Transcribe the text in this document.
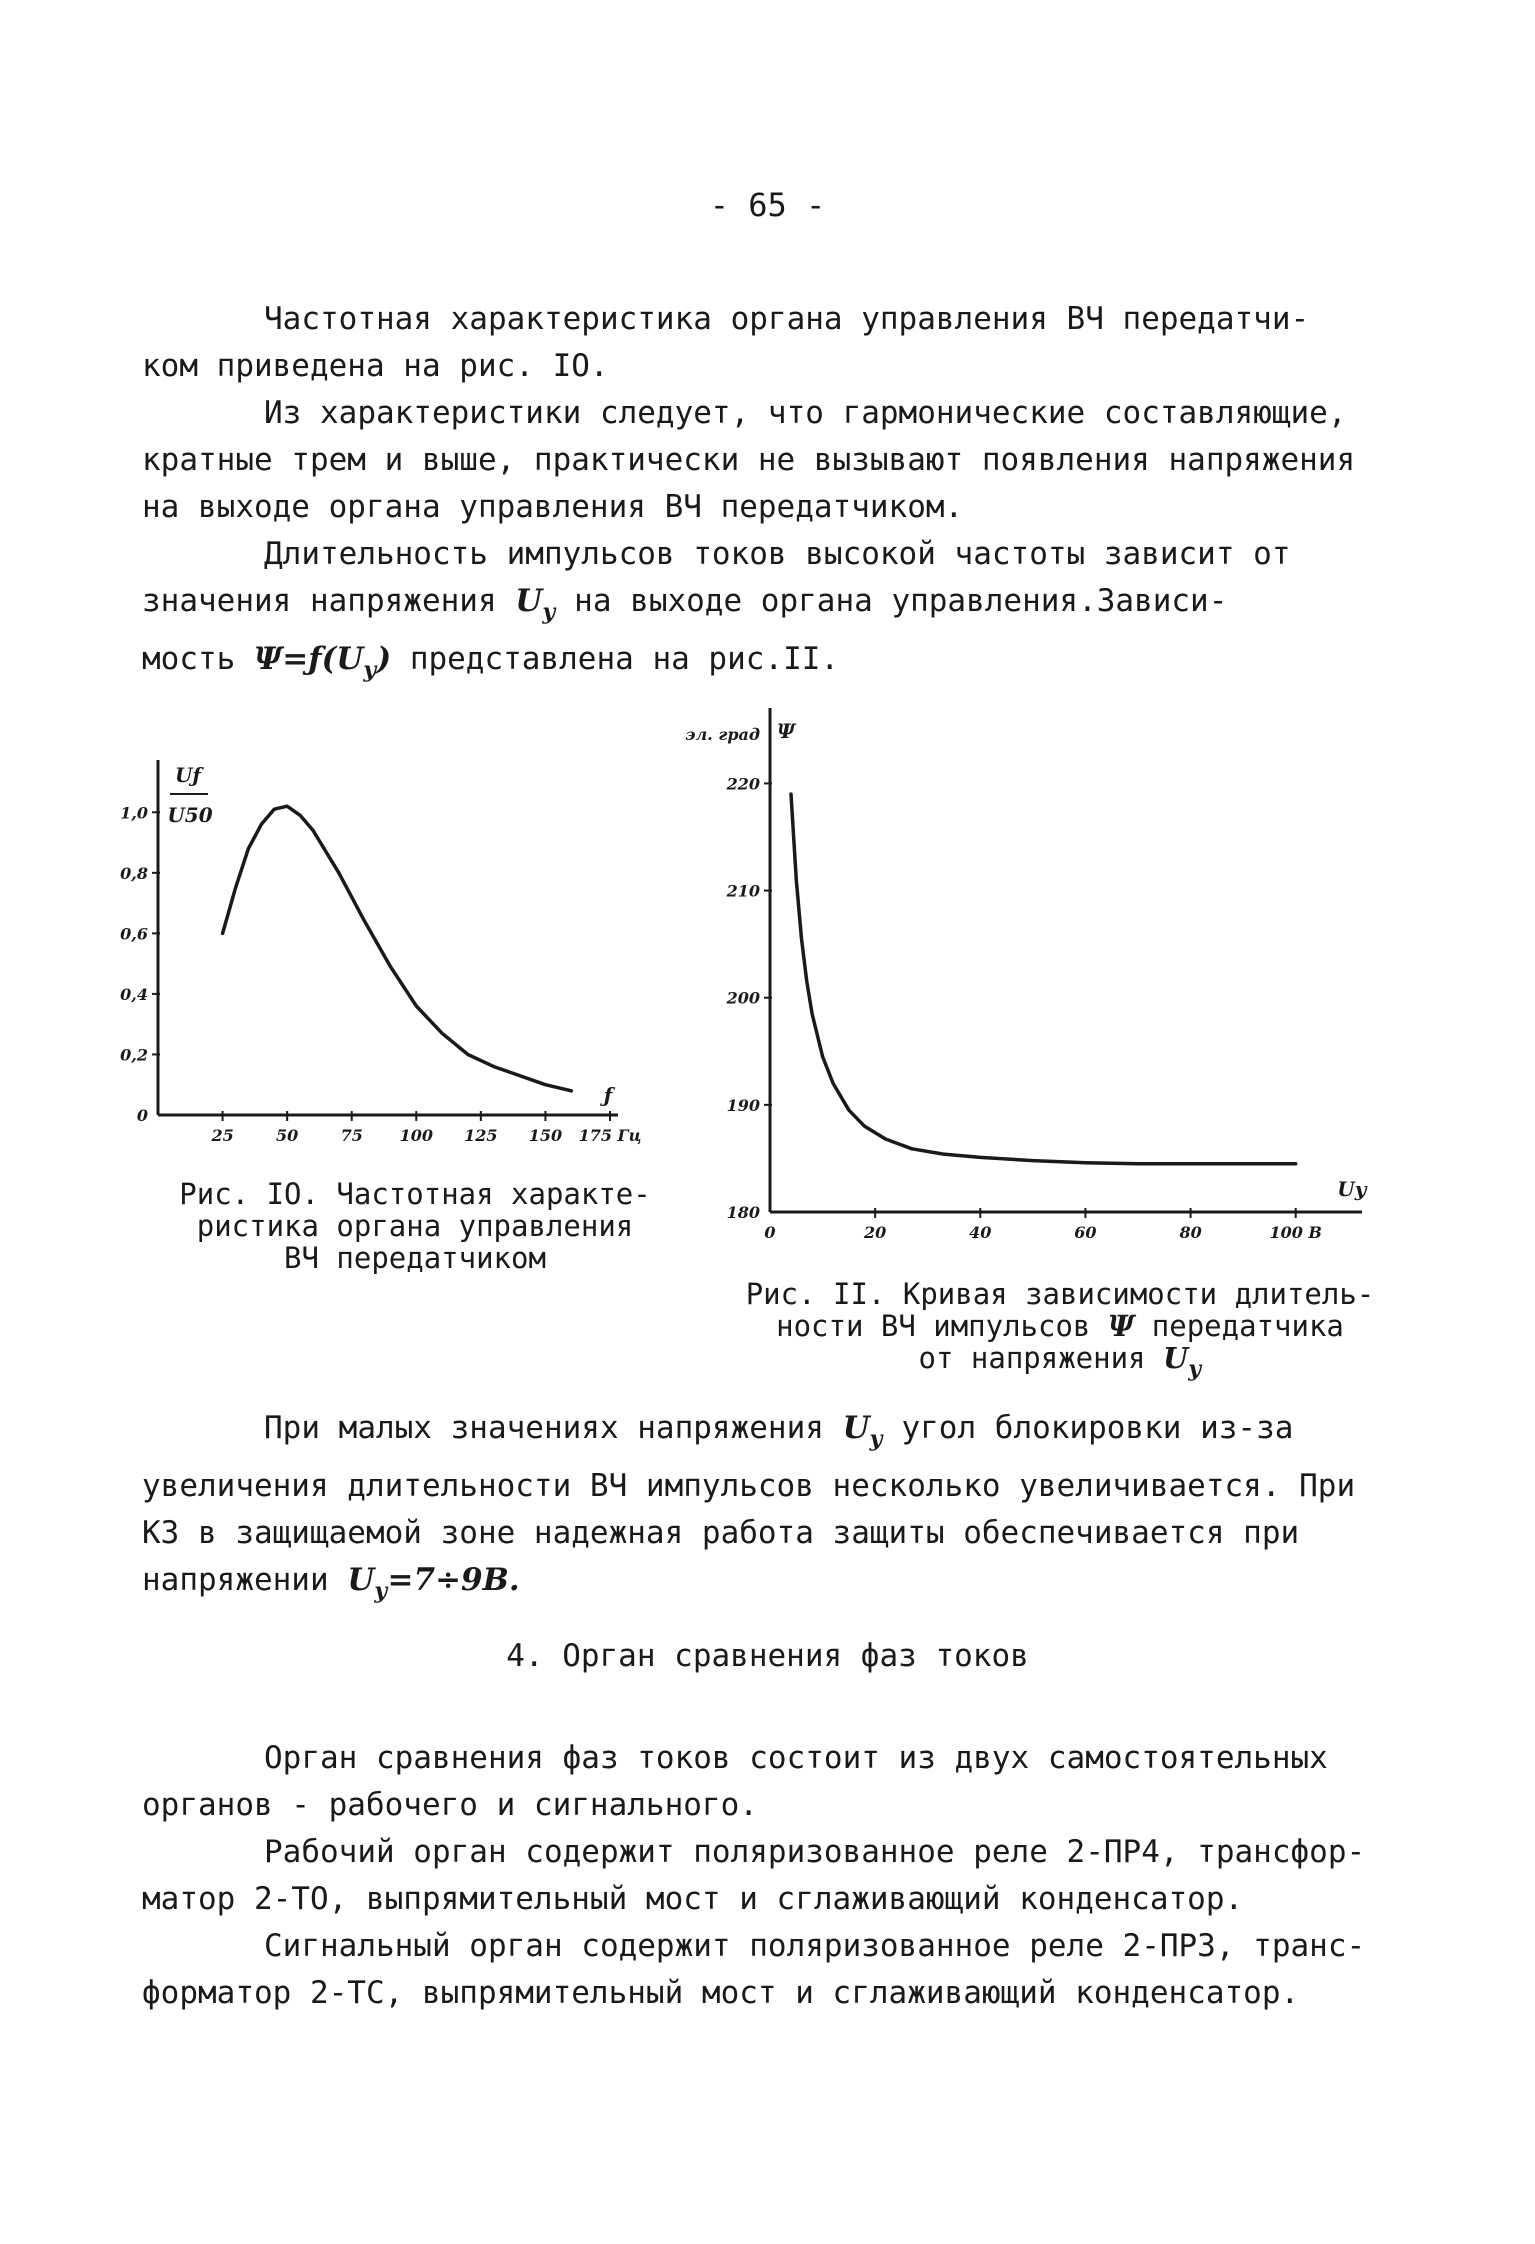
- 65 -

Частотная характеристика органа управления ВЧ передатчи-
ком приведена на рис. IO.

Из характеристики следует, что гармонические составляющие,
кратные трем и выше, практически не вызывают появления напряжения
на выходе органа управления ВЧ передатчиком.

Длительность импульсов токов высокой частоты зависит от
значения напряжения $U_у$ на выходе органа управления.Зависи-
мость $\Psi=ƒ(U_у)$ представлена на рис.II.

0
0,2
0,4
0,6
0,8
1,0
25	50	75 100 125 150 175 Гц
Uƒ
U50
ƒ

Рис. IO. Частотная характе-
ристика органа управления
ВЧ передатчиком

180
190
200
210
220
0	20	40	60	80	100 В
эл. град Ψ
Uу

Рис. II. Кривая зависимости длитель-
ности ВЧ импульсов Ψ передатчика
от напряжения $U_у$

При малых значениях напряжения $U_у$ угол блокировки из-за
увеличения длительности ВЧ импульсов несколько увеличивается. При
КЗ в защищаемой зоне надежная работа защиты обеспечивается при
напряжении $U_у=7\div 9В$.

4. Орган сравнения фаз токов

Орган сравнения фаз токов состоит из двух самостоятельных
органов - рабочего и сигнального.

Рабочий орган содержит поляризованное реле 2-ПР4, трансфор-
матор 2-ТО, выпрямительный мост и сглаживающий конденсатор.

Сигнальный орган содержит поляризованное реле 2-ПР3, транс-
форматор 2-ТС, выпрямительный мост и сглаживающий конденсатор.
